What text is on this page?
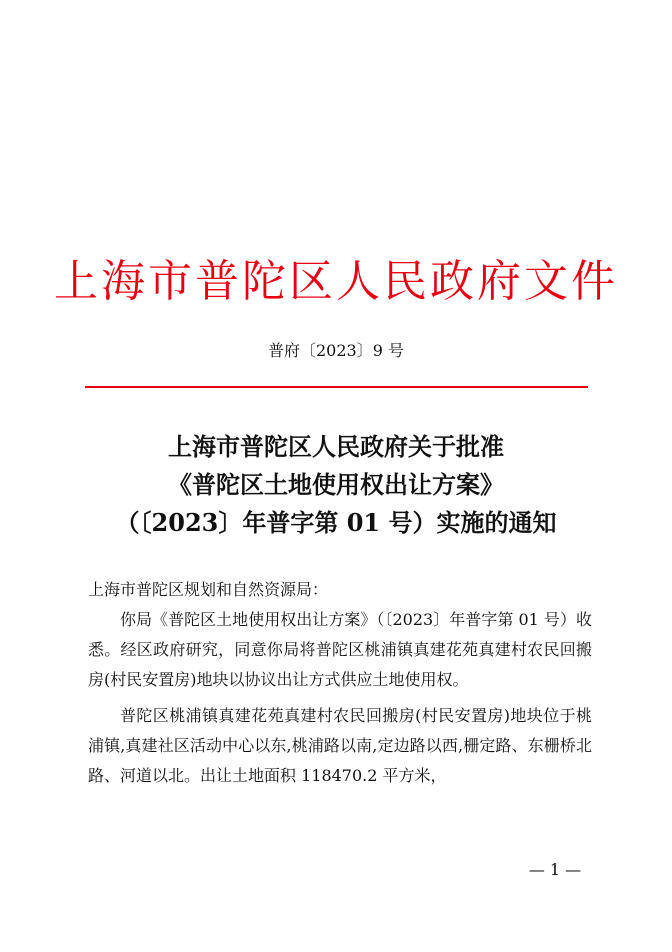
上海市普陀区人民政府文件
普府〔2023〕9 号
上海市普陀区人民政府关于批准
《普陀区土地使用权出让方案》
（〔2023〕年普字第 01 号）实施的通知

上海市普陀区规划和自然资源局：

你局《普陀区土地使用权出让方案》（〔2023〕年普字第 01 号）收悉。经区政府研究，同意你局将普陀区桃浦镇真建花苑真建村农民回搬房(村民安置房)地块以协议出让方式供应土地使用权。

普陀区桃浦镇真建花苑真建村农民回搬房(村民安置房)地块位于桃浦镇,真建社区活动中心以东,桃浦路以南,定边路以西,栅定路、东栅桥北路、河道以北。出让土地面积 118470.2 平方米，

— 1 —
